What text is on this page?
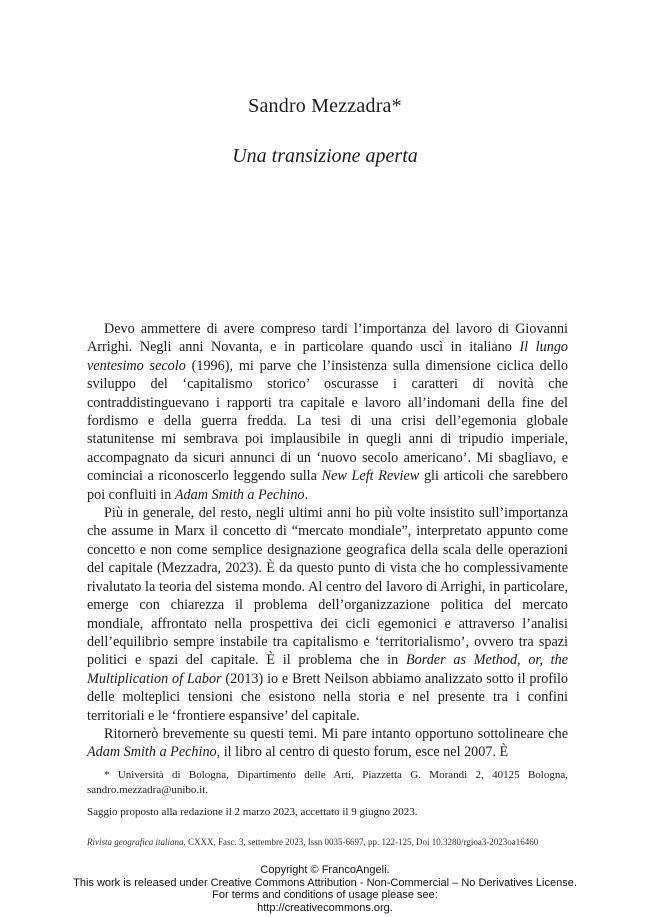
Sandro Mezzadra*
Una transizione aperta

Devo ammettere di avere compreso tardi l’importanza del lavoro di Giovanni Arrighi. Negli anni Novanta, e in particolare quando uscì in italiano Il lungo ventesimo secolo (1996), mi parve che l’insistenza sulla dimensione ciclica dello sviluppo del ‘capitalismo storico’ oscurasse i caratteri di novità che contraddistinguevano i rapporti tra capitale e lavoro all’indomani della fine del fordismo e della guerra fredda. La tesi di una crisi dell’egemonia globale statunitense mi sembrava poi implausibile in quegli anni di tripudio imperiale, accompagnato da sicuri annunci di un ‘nuovo secolo americano’. Mi sbagliavo, e cominciai a riconoscerlo leggendo sulla New Left Review gli articoli che sarebbero poi confluiti in Adam Smith a Pechino.

Più in generale, del resto, negli ultimi anni ho più volte insistito sull’importanza che assume in Marx il concetto di “mercato mondiale”, interpretato appunto come concetto e non come semplice designazione geografica della scala delle operazioni del capitale (Mezzadra, 2023). È da questo punto di vista che ho complessivamente rivalutato la teoria del sistema mondo. Al centro del lavoro di Arrighi, in particolare, emerge con chiarezza il problema dell’organizzazione politica del mercato mondiale, affrontato nella prospettiva dei cicli egemonici e attraverso l’analisi dell’equilibrio sempre instabile tra capitalismo e ‘territorialismo’, ovvero tra spazi politici e spazi del capitale. È il problema che in Border as Method, or, the Multiplication of Labor (2013) io e Brett Neilson abbiamo analizzato sotto il profilo delle molteplici tensioni che esistono nella storia e nel presente tra i confini territoriali e le ‘frontiere espansive’ del capitale.

Ritornerò brevemente su questi temi. Mi pare intanto opportuno sottolineare che Adam Smith a Pechino, il libro al centro di questo forum, esce nel 2007. È

* Università di Bologna, Dipartimento delle Arti, Piazzetta G. Morandi 2, 40125 Bologna, sandro.mezzadra@unibo.it.

Saggio proposto alla redazione il 2 marzo 2023, accettato il 9 giugno 2023.

Rivista geografica italiana, CXXX, Fasc. 3, settembre 2023, Issn 0035-6697, pp. 122-125, Doi 10.3280/rgioa3-2023oa16460
Copyright © FrancoAngeli.
This work is released under Creative Commons Attribution - Non-Commercial – No Derivatives License.
For terms and conditions of usage please see:
http://creativecommons.org.
